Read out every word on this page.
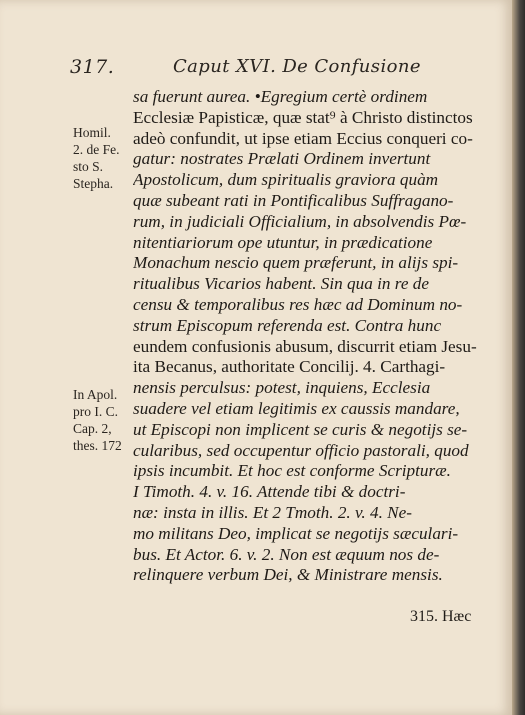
317.	Caput XVI. De Confusione
Homil.
2. de Fe.
sto S.
Stepha.
In Apol.
pro I. C.
Cap. 2,
thes. 172
sa fuerunt aurea. •Egregium certè ordinem
Ecclesiæ Papisticæ, quæ stat⁹ à Christo distinctos
adeò confundit, ut ipse etiam Eccius conqueri co-
gatur: nostrates Prælati Ordinem invertunt
Apostolicum, dum spiritualis graviora quàm
quæ subeant rati in Pontificalibus Suffragano-
rum, in judiciali Officialium, in absolvendis Pœ-
nitentiariorum ope utuntur, in prædicatione
Monachum nescio quem præferunt, in alijs spi-
ritualibus Vicarios habent. Sin qua in re de
censu & temporalibus res hæc ad Dominum no-
strum Episcopum referenda est. Contra hunc
eundem confusionis abusum, discurrit etiam Jesu-
ita Becanus, authoritate Concilij. 4. Carthagi-
nensis perculsus: potest, inquiens, Ecclesia
suadere vel etiam legitimis ex caussis mandare,
ut Episcopi non implicent se curis & negotijs se-
cularibus, sed occupentur officio pastorali, quod
ipsis incumbit. Et hoc est conforme Scripturæ.
I Timoth. 4. v. 16. Attende tibi & doctri-
næ: insta in illis. Et 2 Tmoth. 2. v. 4. Ne-
mo militans Deo, implicat se negotijs sæculari-
bus. Et Actor. 6. v. 2. Non est æquum nos de-
relinquere verbum Dei, & Ministrare mensis.
315. Hæc
